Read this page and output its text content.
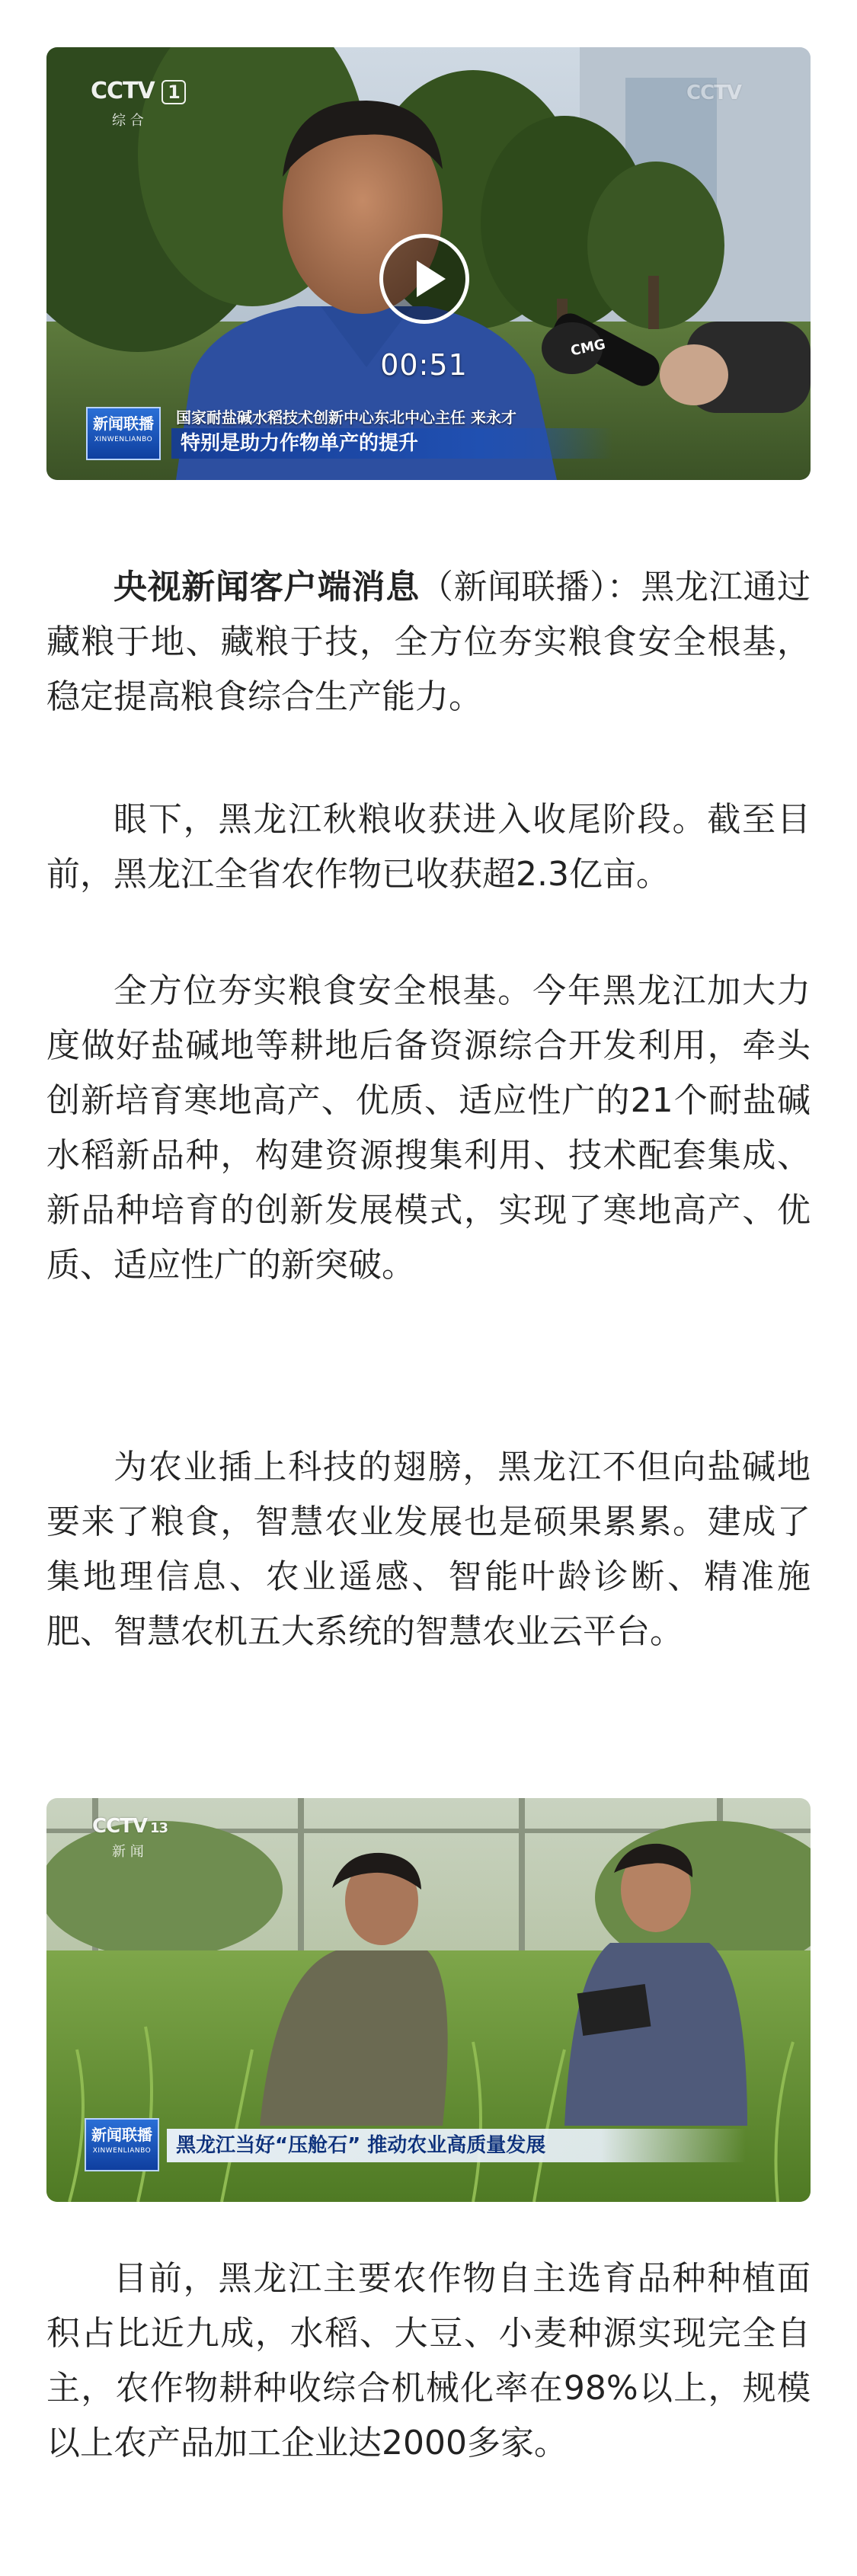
CCTV 1
综 合
CCTV
00:51
CMG
新闻联播
XINWENLIANBO
国家耐盐碱水稻技术创新中心东北中心主任 来永才
特别是助力作物单产的提升

央视新闻客户端消息（新闻联播）：黑龙江通过藏粮于地、藏粮于技，全方位夯实粮食安全根基，稳定提高粮食综合生产能力。

眼下，黑龙江秋粮收获进入收尾阶段。截至目前，黑龙江全省农作物已收获超2.3亿亩。

全方位夯实粮食安全根基。今年黑龙江加大力度做好盐碱地等耕地后备资源综合开发利用，牵头创新培育寒地高产、优质、适应性广的21个耐盐碱水稻新品种，构建资源搜集利用、技术配套集成、新品种培育的创新发展模式，实现了寒地高产、优质、适应性广的新突破。

为农业插上科技的翅膀，黑龙江不但向盐碱地要来了粮食，智慧农业发展也是硕果累累。建成了集地理信息、农业遥感、智能叶龄诊断、精准施肥、智慧农机五大系统的智慧农业云平台。

CCTV 13
新 闻
新闻联播
XINWENLIANBO	黑龙江当好“压舱石” 推动农业高质量发展

目前，黑龙江主要农作物自主选育品种种植面积占比近九成，水稻、大豆、小麦种源实现完全自主，农作物耕种收综合机械化率在98%以上，规模以上农产品加工企业达2000多家。
